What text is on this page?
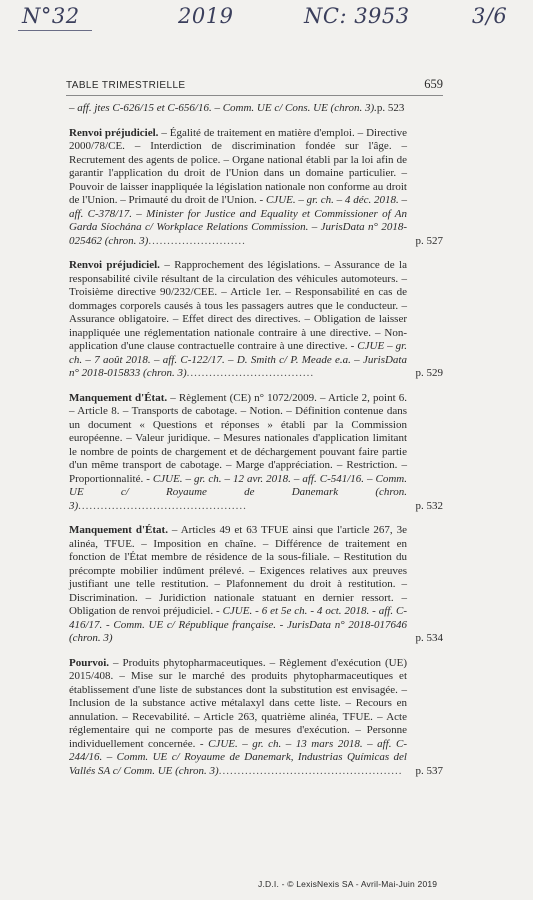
N°32	2019	NC: 3953	3/6
TABLE TRIMESTRIELLE	659

– aff. jtes C-626/15 et C-656/16. – Comm. UE c/ Cons. UE (chron. 3).p. 523

Renvoi préjudiciel. – Égalité de traitement en matière d'emploi. – Directive 2000/78/CE. – Interdiction de discrimination fondée sur l'âge. – Recrutement des agents de police. – Organe national établi par la loi afin de garantir l'application du droit de l'Union dans un domaine particulier. – Pouvoir de laisser inappliquée la législation nationale non conforme au droit de l'Union. – Primauté du droit de l'Union. - CJUE. – gr. ch. – 4 déc. 2018. – aff. C-378/17. – Minister for Justice and Equality et Commissioner of An Garda Síochána c/ Workplace Relations Commission. – JurisData n° 2018-025462 (chron. 3)..........................	p. 527

Renvoi préjudiciel. – Rapprochement des législations. – Assurance de la responsabilité civile résultant de la circulation des véhicules automoteurs. – Troisième directive 90/232/CEE. – Article 1er. – Responsabilité en cas de dommages corporels causés à tous les passagers autres que le conducteur. – Assurance obligatoire. – Effet direct des directives. – Obligation de laisser inappliquée une réglementation nationale contraire à une directive. – Non-application d'une clause contractuelle contraire à une directive. - CJUE – gr. ch. – 7 août 2018. – aff. C-122/17. – D. Smith c/ P. Meade e.a. – JurisData n° 2018-015833 (chron. 3)..................................	p. 529

Manquement d'État. – Règlement (CE) n° 1072/2009. – Article 2, point 6. – Article 8. – Transports de cabotage. – Notion. – Définition contenue dans un document « Questions et réponses » établi par la Commission européenne. – Valeur juridique. – Mesures nationales d'application limitant le nombre de points de chargement et de déchargement pouvant faire partie d'un même transport de cabotage. – Marge d'appréciation. – Restriction. – Proportionnalité. - CJUE. – gr. ch. – 12 avr. 2018. – aff. C-541/16. – Comm. UE c/ Royaume de Danemark (chron. 3).............................................	p. 532

Manquement d'État. – Articles 49 et 63 TFUE ainsi que l'article 267, 3e alinéa, TFUE. – Imposition en chaîne. – Différence de traitement en fonction de l'État membre de résidence de la sous-filiale. – Restitution du précompte mobilier indûment prélevé. – Exigences relatives aux preuves justifiant une telle restitution. – Plafonnement du droit à restitution. – Discrimination. – Juridiction nationale statuant en dernier ressort. – Obligation de renvoi préjudiciel. - CJUE. - 6 et 5e ch. - 4 oct. 2018. - aff. C-416/17. - Comm. UE c/ République française. - JurisData n° 2018-017646 (chron. 3)	p. 534

Pourvoi. – Produits phytopharmaceutiques. – Règlement d'exécution (UE) 2015/408. – Mise sur le marché des produits phytopharmaceutiques et établissement d'une liste de substances dont la substitution est envisagée. – Inclusion de la substance active métalaxyl dans cette liste. – Recours en annulation. – Recevabilité. – Article 263, quatrième alinéa, TFUE. – Acte réglementaire qui ne comporte pas de mesures d'exécution. – Personne individuellement concernée. - CJUE. – gr. ch. – 13 mars 2018. – aff. C-244/16. – Comm. UE c/ Royaume de Danemark, Industrias Químicas del Vallés SA c/ Comm. UE (chron. 3)................................................. p. 537

J.D.I. - © LexisNexis SA - Avril-Mai-Juin 2019
